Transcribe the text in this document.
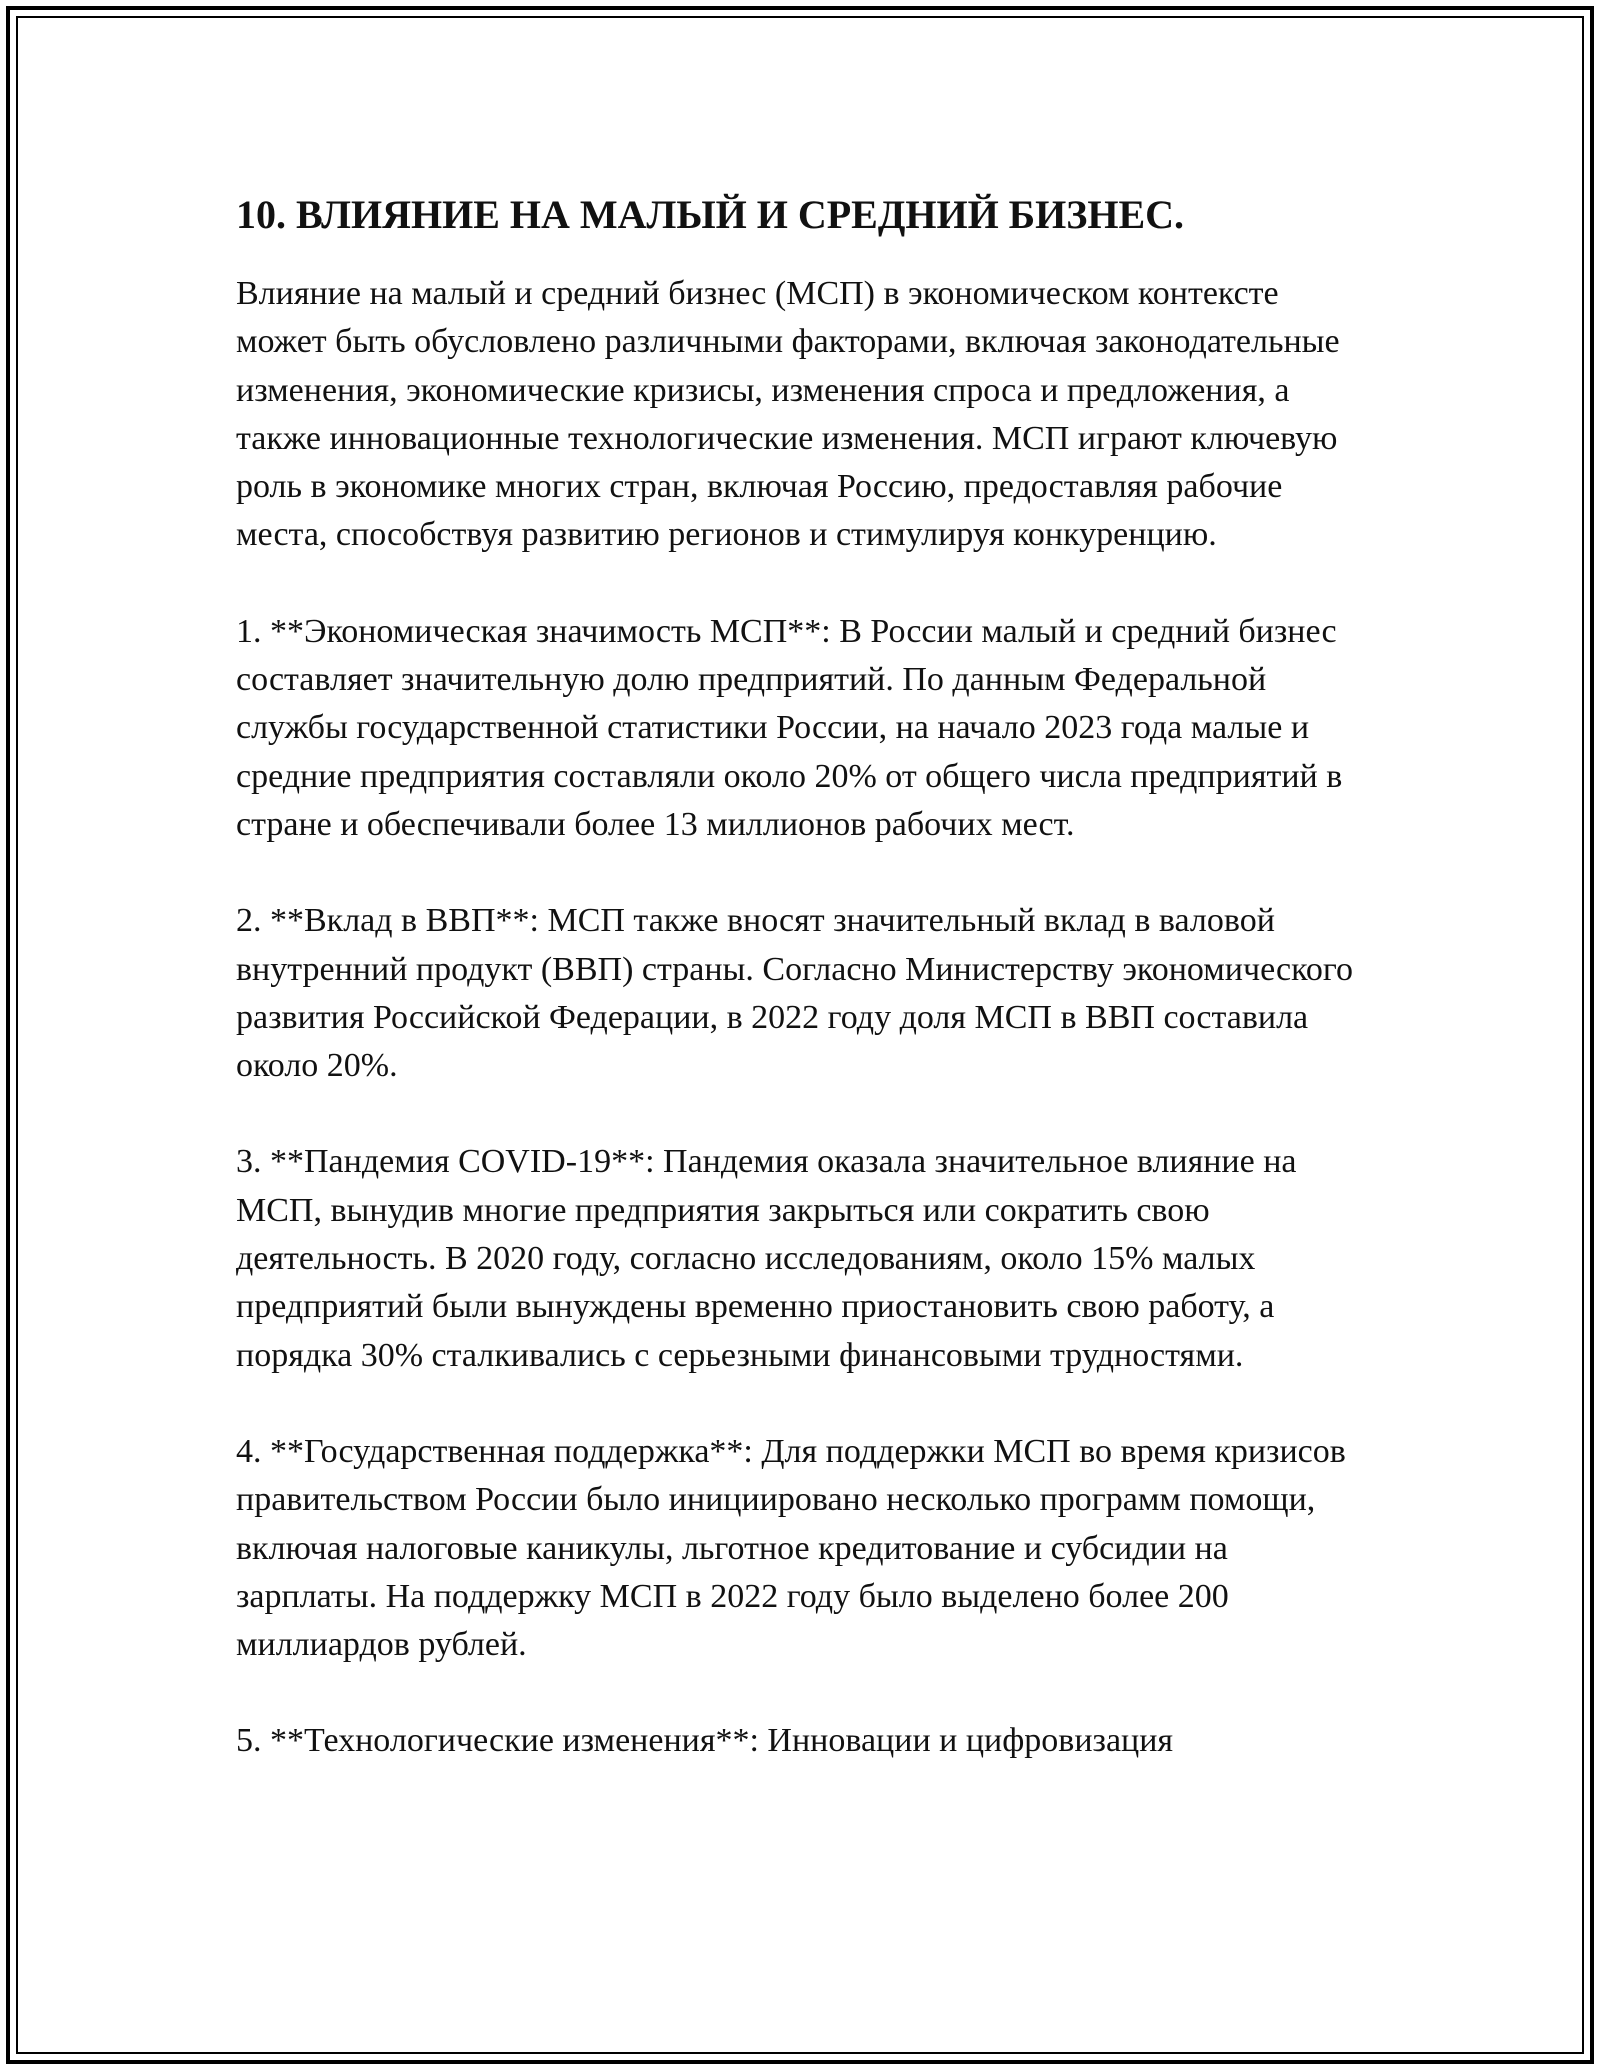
10. ВЛИЯНИЕ НА МАЛЫЙ И СРЕДНИЙ БИЗНЕС.

Влияние на малый и средний бизнес (МСП) в экономическом контексте может быть обусловлено различными факторами, включая законодательные изменения, экономические кризисы, изменения спроса и предложения, а также инновационные технологические изменения. МСП играют ключевую роль в экономике многих стран, включая Россию, предоставляя рабочие места, способствуя развитию регионов и стимулируя конкуренцию.

1. **Экономическая значимость МСП**: В России малый и средний бизнес составляет значительную долю предприятий. По данным Федеральной службы государственной статистики России, на начало 2023 года малые и средние предприятия составляли около 20% от общего числа предприятий в стране и обеспечивали более 13 миллионов рабочих мест.

2. **Вклад в ВВП**: МСП также вносят значительный вклад в валовой внутренний продукт (ВВП) страны. Согласно Министерству экономического развития Российской Федерации, в 2022 году доля МСП в ВВП составила около 20%.

3. **Пандемия COVID-19**: Пандемия оказала значительное влияние на МСП, вынудив многие предприятия закрыться или сократить свою деятельность. В 2020 году, согласно исследованиям, около 15% малых предприятий были вынуждены временно приостановить свою работу, а порядка 30% сталкивались с серьезными финансовыми трудностями.

4. **Государственная поддержка**: Для поддержки МСП во время кризисов правительством России было инициировано несколько программ помощи, включая налоговые каникулы, льготное кредитование и субсидии на зарплаты. На поддержку МСП в 2022 году было выделено более 200 миллиардов рублей.

5. **Технологические изменения**: Инновации и цифровизация
